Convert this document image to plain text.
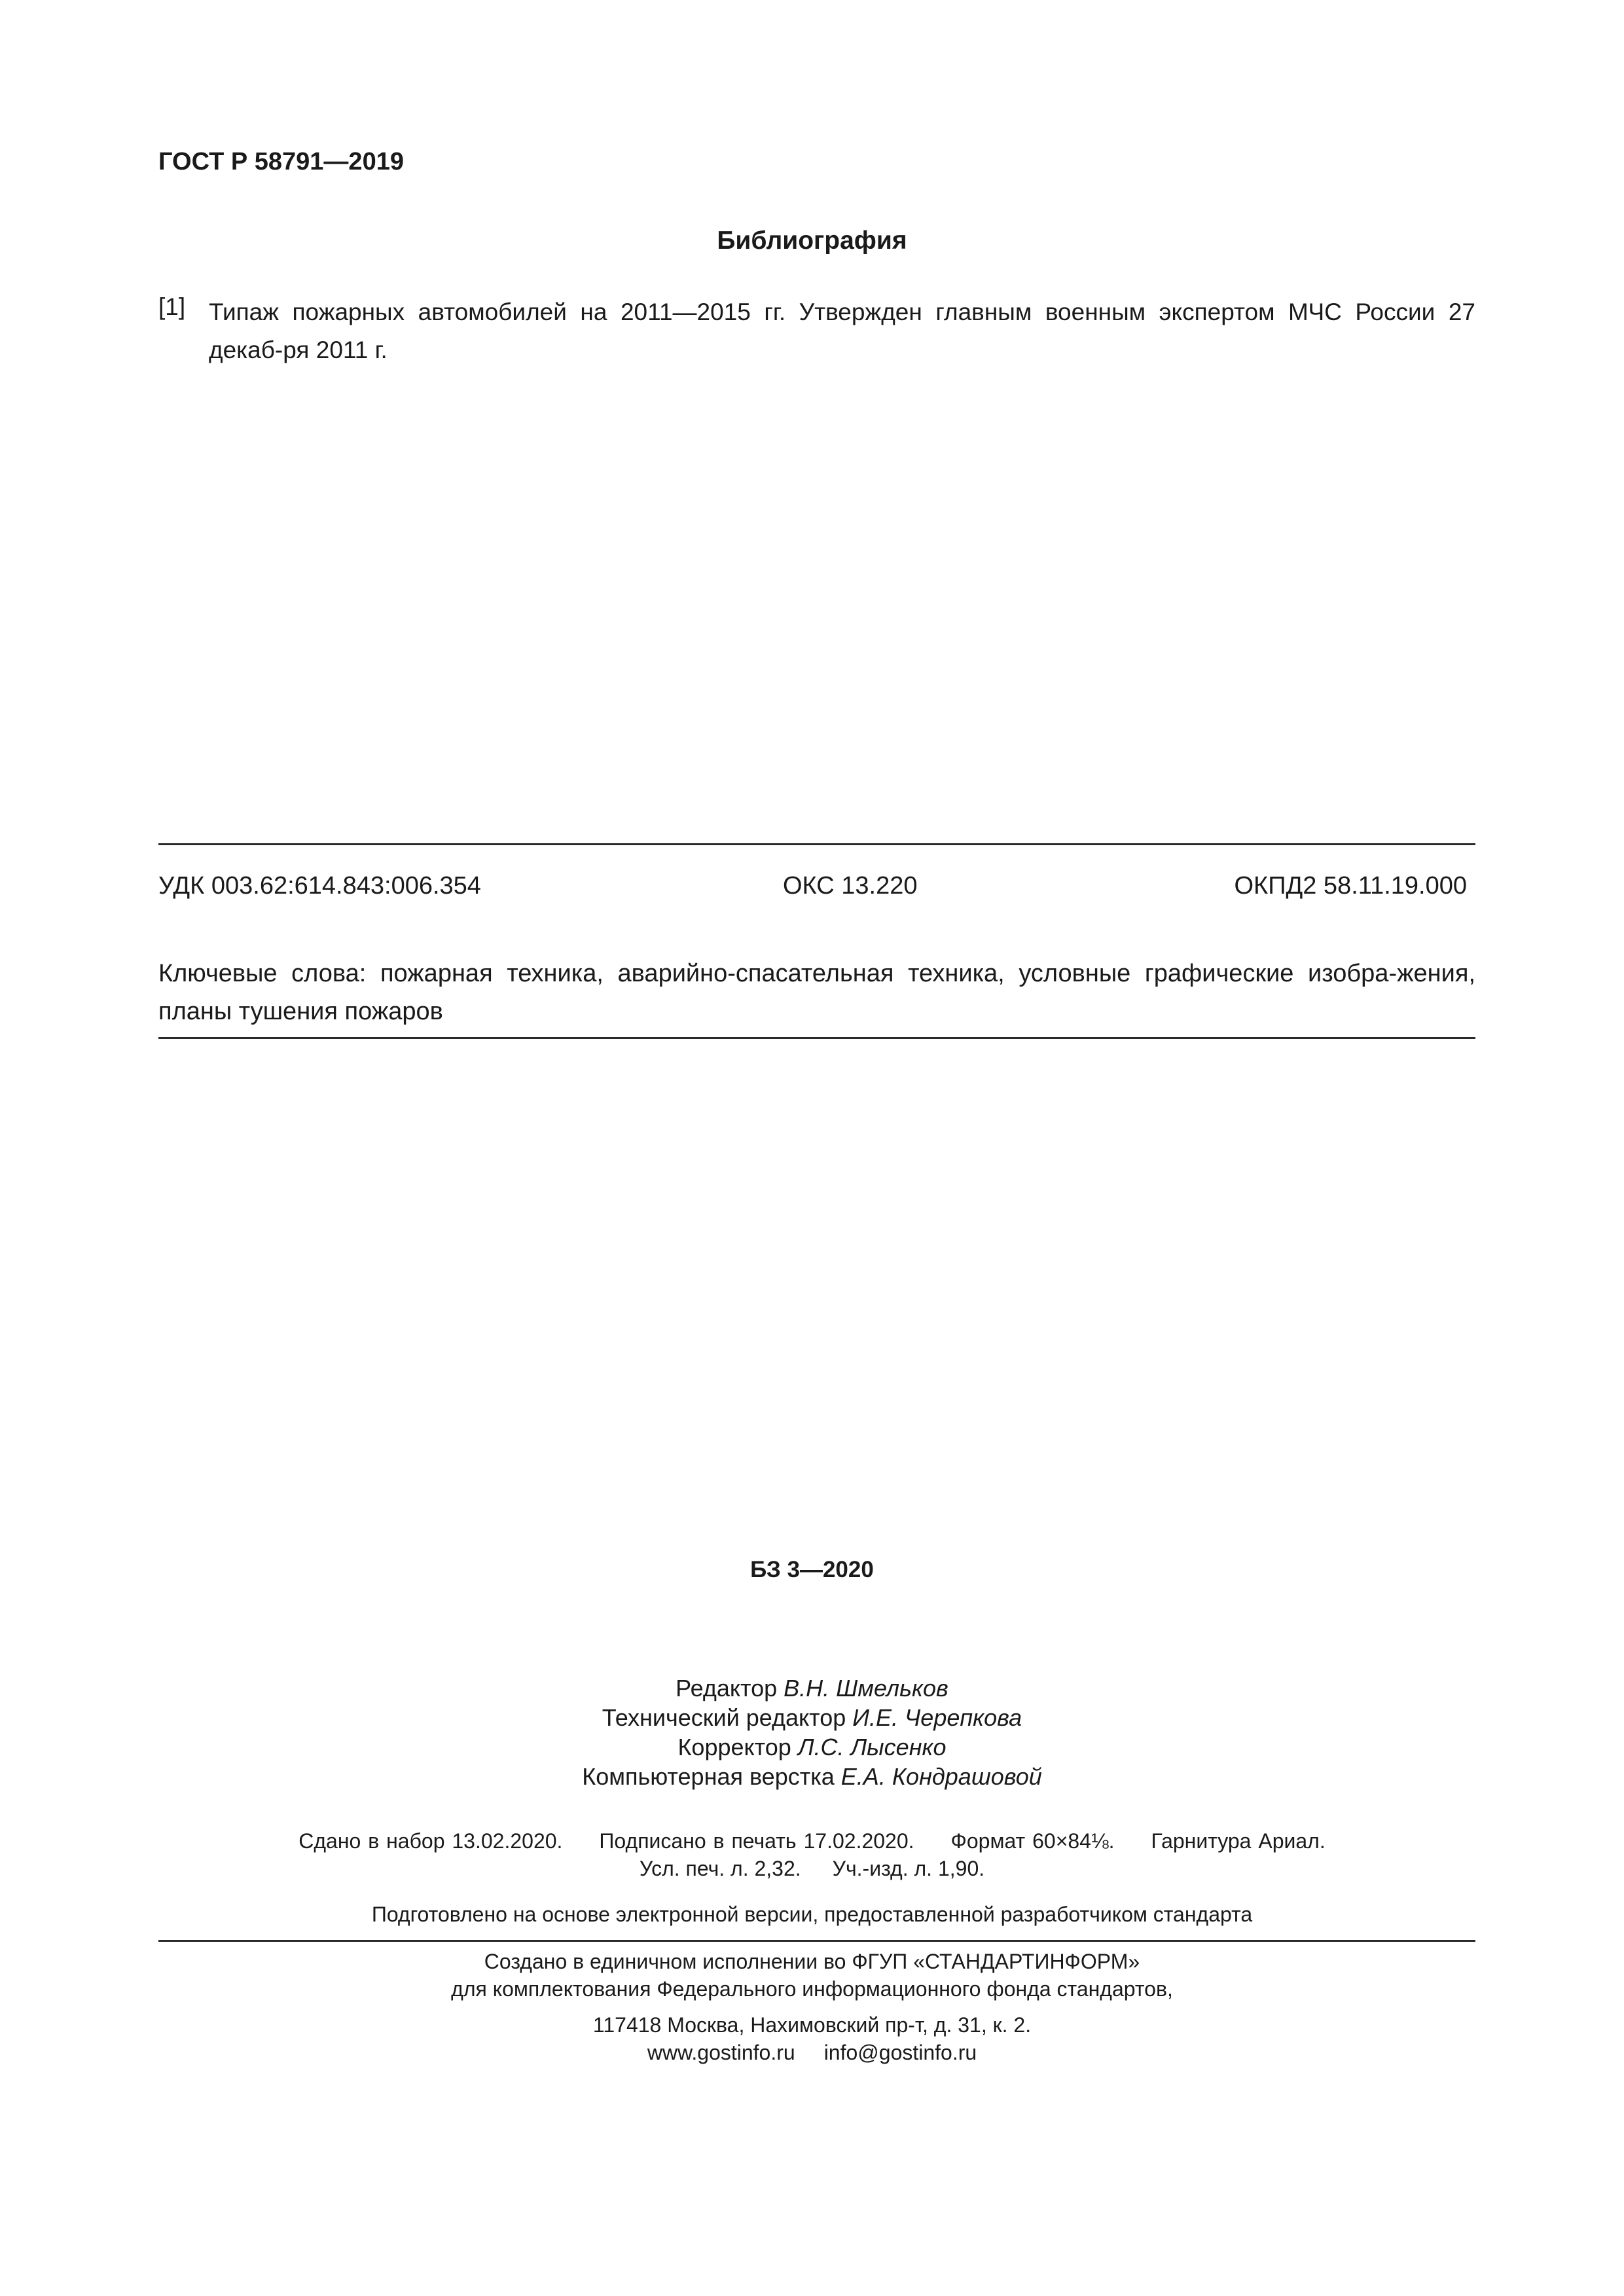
ГОСТ Р 58791—2019
Библиография
[1] Типаж пожарных автомобилей на 2011—2015 гг. Утвержден главным военным экспертом МЧС России 27 декаб-ря 2011 г.
УДК 003.62:614.843:006.354	ОКС 13.220	ОКПД2 58.11.19.000
Ключевые слова: пожарная техника, аварийно-спасательная техника, условные графические изобра-жения, планы тушения пожаров
БЗ 3—2020
Редактор В.Н. Шмельков
Технический редактор И.Е. Черепкова
Корректор Л.С. Лысенко
Компьютерная верстка Е.А. Кондрашовой
Сдано в набор 13.02.2020. Подписано в печать 17.02.2020. Формат 60×84⅛. Гарнитура Ариал.
Усл. печ. л. 2,32. Уч.-изд. л. 1,90.
Подготовлено на основе электронной версии, предоставленной разработчиком стандарта
Создано в единичном исполнении во ФГУП «СТАНДАРТИНФОРМ»
для комплектования Федерального информационного фонда стандартов,
117418 Москва, Нахимовский пр-т, д. 31, к. 2.
www.gostinfo.ru info@gostinfo.ru
